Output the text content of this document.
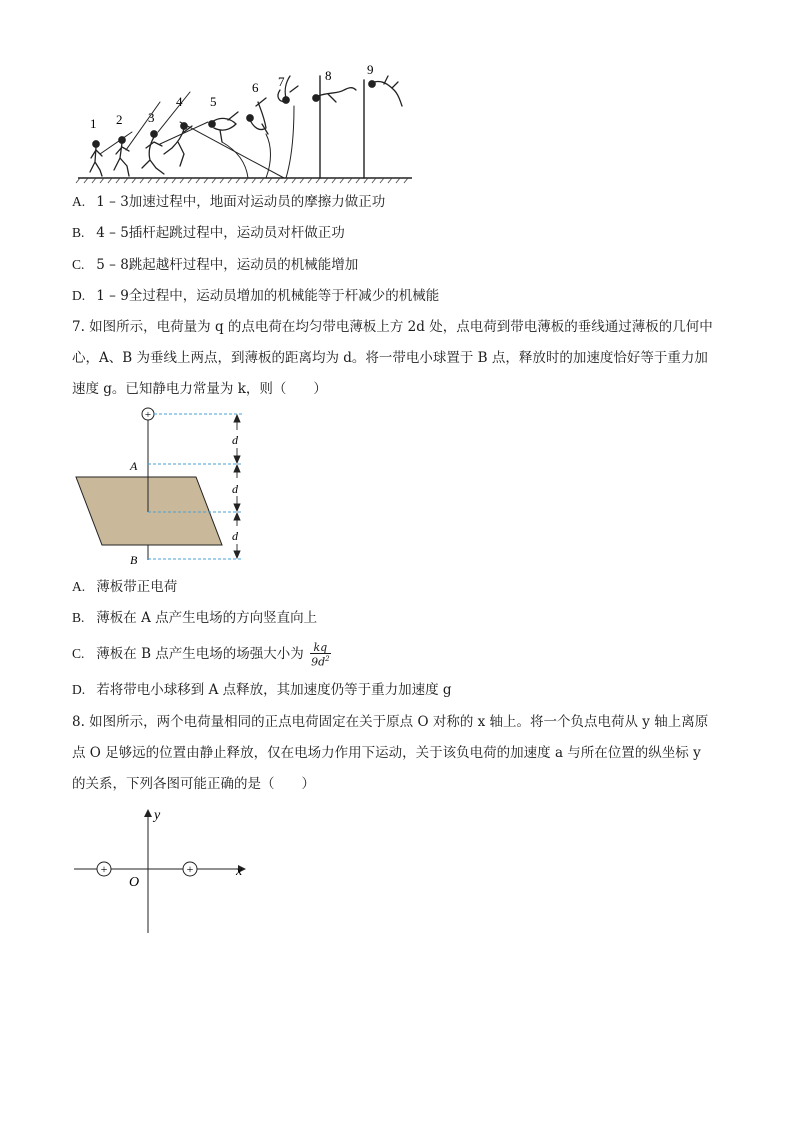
1 2 3
4 5
6 7	8	9
A. 1 – 3加速过程中，地面对运动员的摩擦力做正功
B. 4 – 5插杆起跳过程中，运动员对杆做正功
C. 5 – 8跳起越杆过程中，运动员的机械能增加
D. 1 – 9全过程中，运动员增加的机械能等于杆减少的机械能
7. 如图所示，电荷量为 q 的点电荷在均匀带电薄板上方 2d 处，点电荷到带电薄板的垂线通过薄板的几何中
心，A、B 为垂线上两点，到薄板的距离均为 d。将一带电小球置于 B 点，释放时的加速度恰好等于重力加
速度 g。已知静电力常量为 k，则（　　）
+
d
d
d
A
B
A. 薄板带正电荷
B. 薄板在 A 点产生电场的方向竖直向上
C. 薄板在 B 点产生电场的场强大小为 $\frac{kq}{9d^2}$
D. 若将带电小球移到 A 点释放，其加速度仍等于重力加速度 g
8. 如图所示，两个电荷量相同的正点电荷固定在关于原点 O 对称的 x 轴上。将一个负点电荷从 y 轴上离原
点 O 足够远的位置由静止释放，仅在电场力作用下运动，关于该负电荷的加速度 a 与所在位置的纵坐标 y
的关系，下列各图可能正确的是（　　）
x
y
O
+	+
